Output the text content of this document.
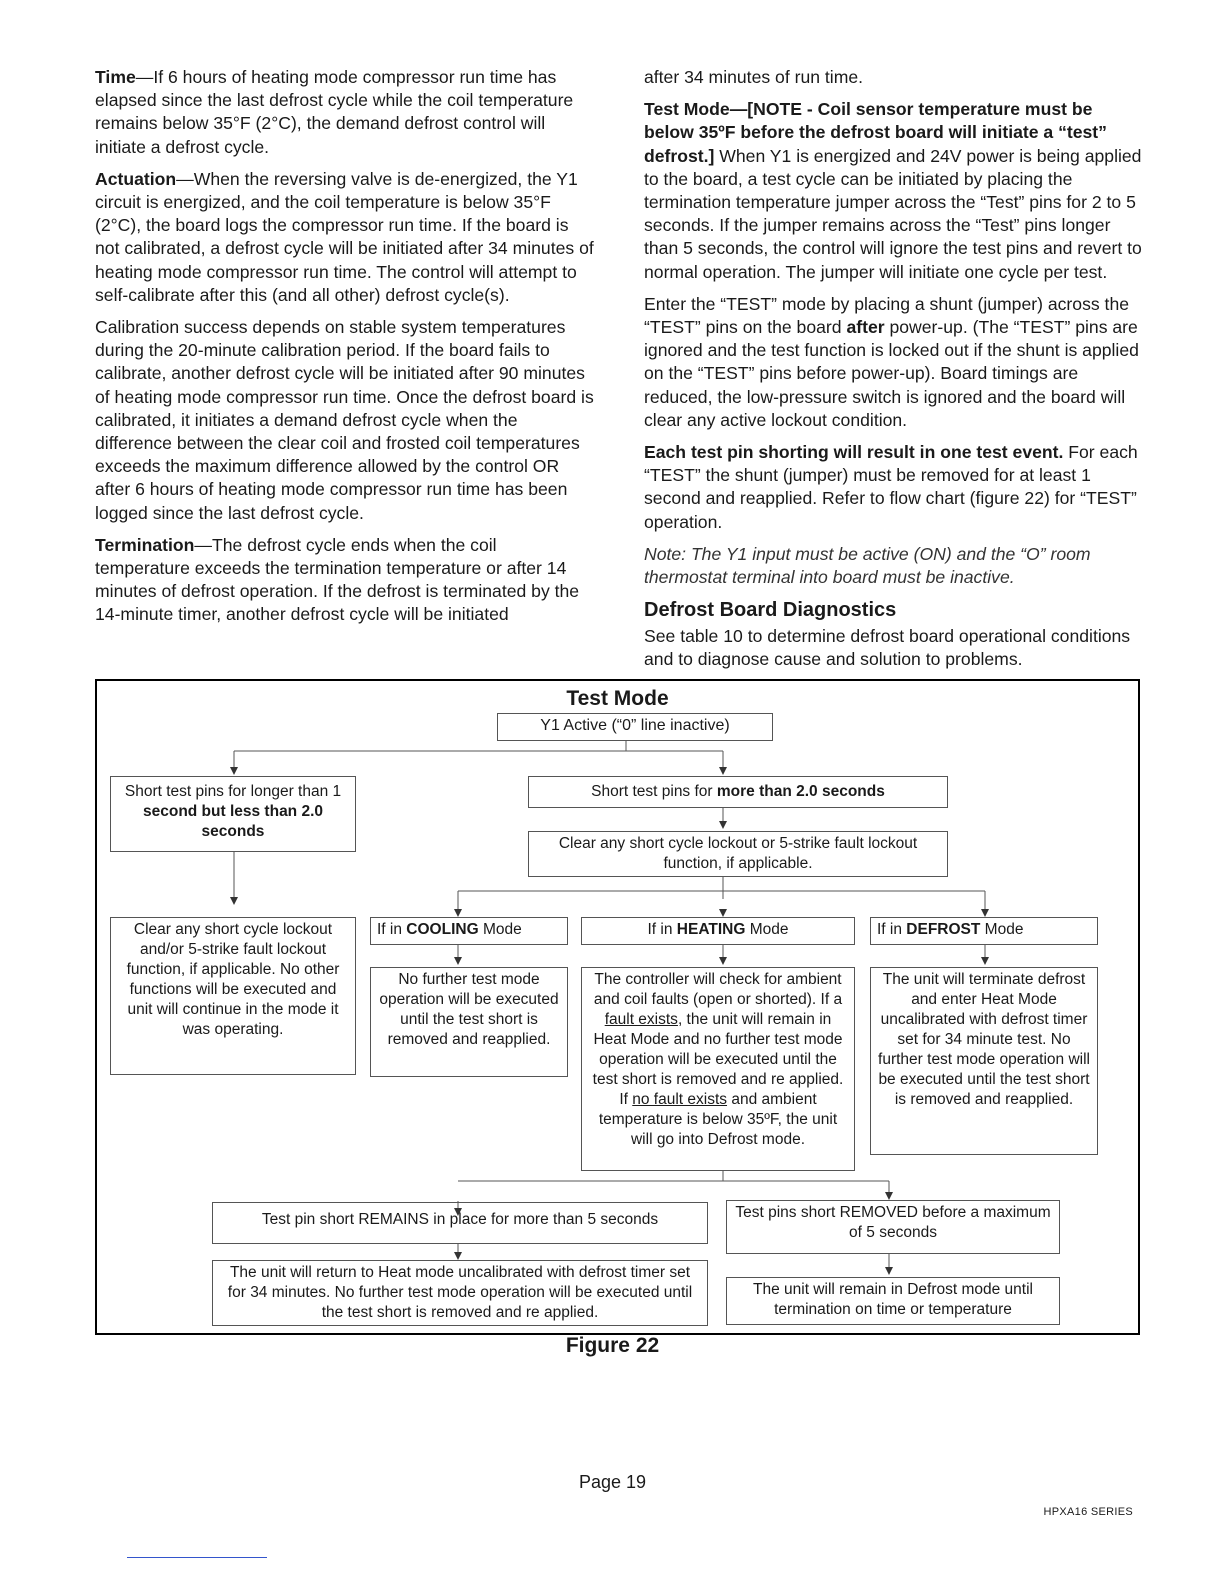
Time—If 6 hours of heating mode compressor run time has elapsed since the last defrost cycle while the coil temperature remains below 35°F (2°C), the demand defrost control will initiate a defrost cycle.

Actuation—When the reversing valve is de-energized, the Y1 circuit is energized, and the coil temperature is below 35°F (2°C), the board logs the compressor run time. If the board is not calibrated, a defrost cycle will be initiated after 34 minutes of heating mode compressor run time. The control will attempt to self-calibrate after this (and all other) defrost cycle(s).

Calibration success depends on stable system temperatures during the 20-minute calibration period. If the board fails to calibrate, another defrost cycle will be initiated after 90 minutes of heating mode compressor run time. Once the defrost board is calibrated, it initiates a demand defrost cycle when the difference between the clear coil and frosted coil temperatures exceeds the maximum difference allowed by the control OR after 6 hours of heating mode compressor run time has been logged since the last defrost cycle.

Termination—The defrost cycle ends when the coil temperature exceeds the termination temperature or after 14 minutes of defrost operation. If the defrost is terminated by the 14-minute timer, another defrost cycle will be initiated

after 34 minutes of run time.

Test Mode—[NOTE - Coil sensor temperature must be below 35ºF before the defrost board will initiate a “test” defrost.] When Y1 is energized and 24V power is being applied to the board, a test cycle can be initiated by placing the termination temperature jumper across the “Test” pins for 2 to 5 seconds. If the jumper remains across the “Test” pins longer than 5 seconds, the control will ignore the test pins and revert to normal operation. The jumper will initiate one cycle per test.

Enter the “TEST” mode by placing a shunt (jumper) across the “TEST” pins on the board after power-up. (The “TEST” pins are ignored and the test function is locked out if the shunt is applied on the “TEST” pins before power-up). Board timings are reduced, the low-pressure switch is ignored and the board will clear any active lockout condition.

Each test pin shorting will result in one test event. For each “TEST” the shunt (jumper) must be removed for at least 1 second and reapplied. Refer to flow chart (figure 22) for “TEST” operation.

Note: The Y1 input must be active (ON) and the “O” room thermostat terminal into board must be inactive.

Defrost Board Diagnostics

See table 10 to determine defrost board operational conditions and to diagnose cause and solution to problems.

Test Mode
Y1 Active (“0” line inactive)
Short test pins for longer than 1 second but less than 2.0 seconds
Short test pins for more than 2.0 seconds
Clear any short cycle lockout or 5-strike fault lockout function, if applicable.
Clear any short cycle lockout and/or 5-strike fault lockout function, if applicable. No other functions will be executed and unit will continue in the mode it was operating.
If in COOLING Mode	If in HEATING Mode	If in DEFROST Mode
No further test mode operation will be executed until the test short is removed and reapplied.
The controller will check for ambient and coil faults (open or shorted). If a fault exists, the unit will remain in Heat Mode and no further test mode operation will be executed until the test short is removed and re applied. If no fault exists and ambient temperature is below 35ºF, the unit will go into Defrost mode.
The unit will terminate defrost and enter Heat Mode uncalibrated with defrost timer set for 34 minute test. No further test mode operation will be executed until the test short is removed and reapplied.
Test pin short REMAINS in place for more than 5 seconds	Test pins short REMOVED before a maximum of 5 seconds
The unit will return to Heat mode uncalibrated with defrost timer set for 34 minutes. No further test mode operation will be executed until the test short is removed and re applied.
The unit will remain in Defrost mode until termination on time or temperature
Figure 22
Page 19
HPXA16 SERIES
